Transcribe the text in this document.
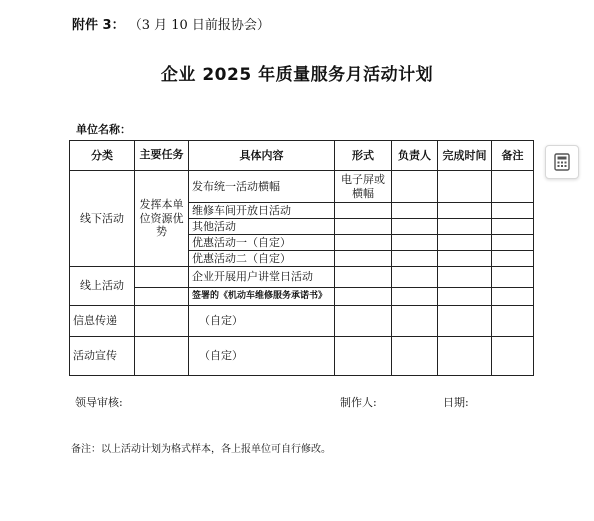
附件 3： （3 月 10 日前报协会）
企业 2025 年质量服务月活动计划
单位名称：
分类	主要任务	具体内容	形式	负责人	完成时间	备注
线下活动	发挥本单位资源优势	发布统一活动横幅	电子屏或横幅			
		维修车间开放日活动				
		其他活动				
		优惠活动一（自定）				
		优惠活动二（自定）				
线上活动		企业开展用户讲堂日活动				
		签署的《机动车维修服务承诺书》				
信息传递		（自定）				
活动宣传		（自定）				
领导审核:	制作人:	日期:
备注：以上活动计划为格式样本，各上报单位可自行修改。
